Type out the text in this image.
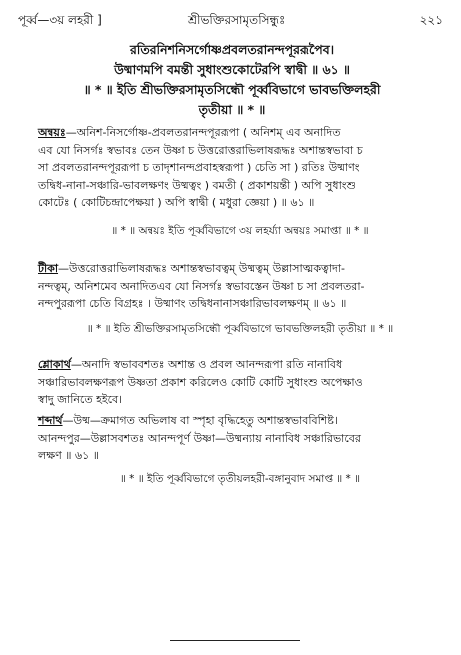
পূর্ব্ব—৩য় লহরী ]	শ্রীভক্তিরসামৃতসিন্ধুঃ	২২১
রতিরনিশনিসর্গোষ্ণপ্রবলতরানন্দপূররূপৈব।
উষ্মাণমপি বমন্তী সুধাংশুকোটেরপি স্বাদ্বী ॥ ৬১ ॥
॥ * ॥ ইতি শ্রীভক্তিরসামৃতসিন্ধৌ পূর্ব্ববিভাগে ভাবভক্তিলহরী
তৃতীয়া ॥ * ॥
অন্বয়ঃ—অনিশ-নিসর্গোষ্ণ-প্রবলতরানন্দপূররূপা ( অনিশম্ এব অনাদিত
এব যো নিসর্গঃ স্বভাবঃ তেন উষ্ণা চ উত্তরোত্তরাভিলাষরূদ্ধঃ অশান্তস্বভাবা চ
সা প্রবলতরানন্দপূররূপা চ তাদৃশানন্দপ্রবাহস্বরূপা ) চেতি সা ) রতিঃ উষ্মাণং
তদ্বিধ-নানা-সঞ্চারি-ভাবলক্ষণং উষ্মত্বং ) বমতী ( প্রকাশয়ন্তী ) অপি সুধাংশু
কোটেঃ ( কোটিচন্দ্রাপেক্ষয়া ) অপি স্বাদ্বী ( মধুরা জ্ঞেয়া ) ॥ ৬১ ॥
॥ * ॥ অন্বয়ঃ ইতি পূর্ব্ববিভাগে ৩য় লহর্য্যা অন্বয়ঃ সমাপ্তা ॥ * ॥
টীকা—উত্তরোত্তরাভিলাষরূদ্ধঃ অশান্তস্বভাবত্বম্ উষ্মত্বম্ উল্লাসাত্মকত্বাদা-
নন্দত্বম্, অনিশমেব অনাদিতএব যো নিসর্গঃ স্বভাবস্তেন উষ্ণা চ সা প্রবলতরা-
নন্দপুররূপা চেতি বিগ্রহঃ । উষ্মাণং তদ্বিধনানাসঞ্চারিভাবলক্ষণম্ ॥ ৬১ ॥
॥ * ॥ ইতি শ্রীভক্তিরসামৃতসিন্ধৌ পূর্ব্ববিভাগে ভাবভক্তিলহরী তৃতীয়া ॥ * ॥
শ্লোকার্থ—অনাদি স্বভাববশতঃ অশান্ত ও প্রবল আনন্দরূপা রতি নানাবিধ
সঞ্চারিভাবলক্ষণরূপ উষ্ণতা প্রকাশ করিলেও কোটি কোটি সুধাংশু অপেক্ষাও
স্বাদু জানিতে হইবে।
শব্দার্থ—উষ্ম—ক্রমাগত অভিলাষ বা স্পৃহা বৃদ্ধিহেতু অশান্তস্বভাববিশিষ্ট।
আনন্দপুর—উল্লাসবশতঃ আনন্দপূর্ণ উষ্ণা—উষ্মন্যায় নানাবিধ সঞ্চারিভাবের
লক্ষণ ॥ ৬১ ॥
॥ * ॥ ইতি পূর্ব্ববিভাগে তৃতীয়লহরী-বঙ্গানুবাদ সমাপ্ত ॥ * ॥
